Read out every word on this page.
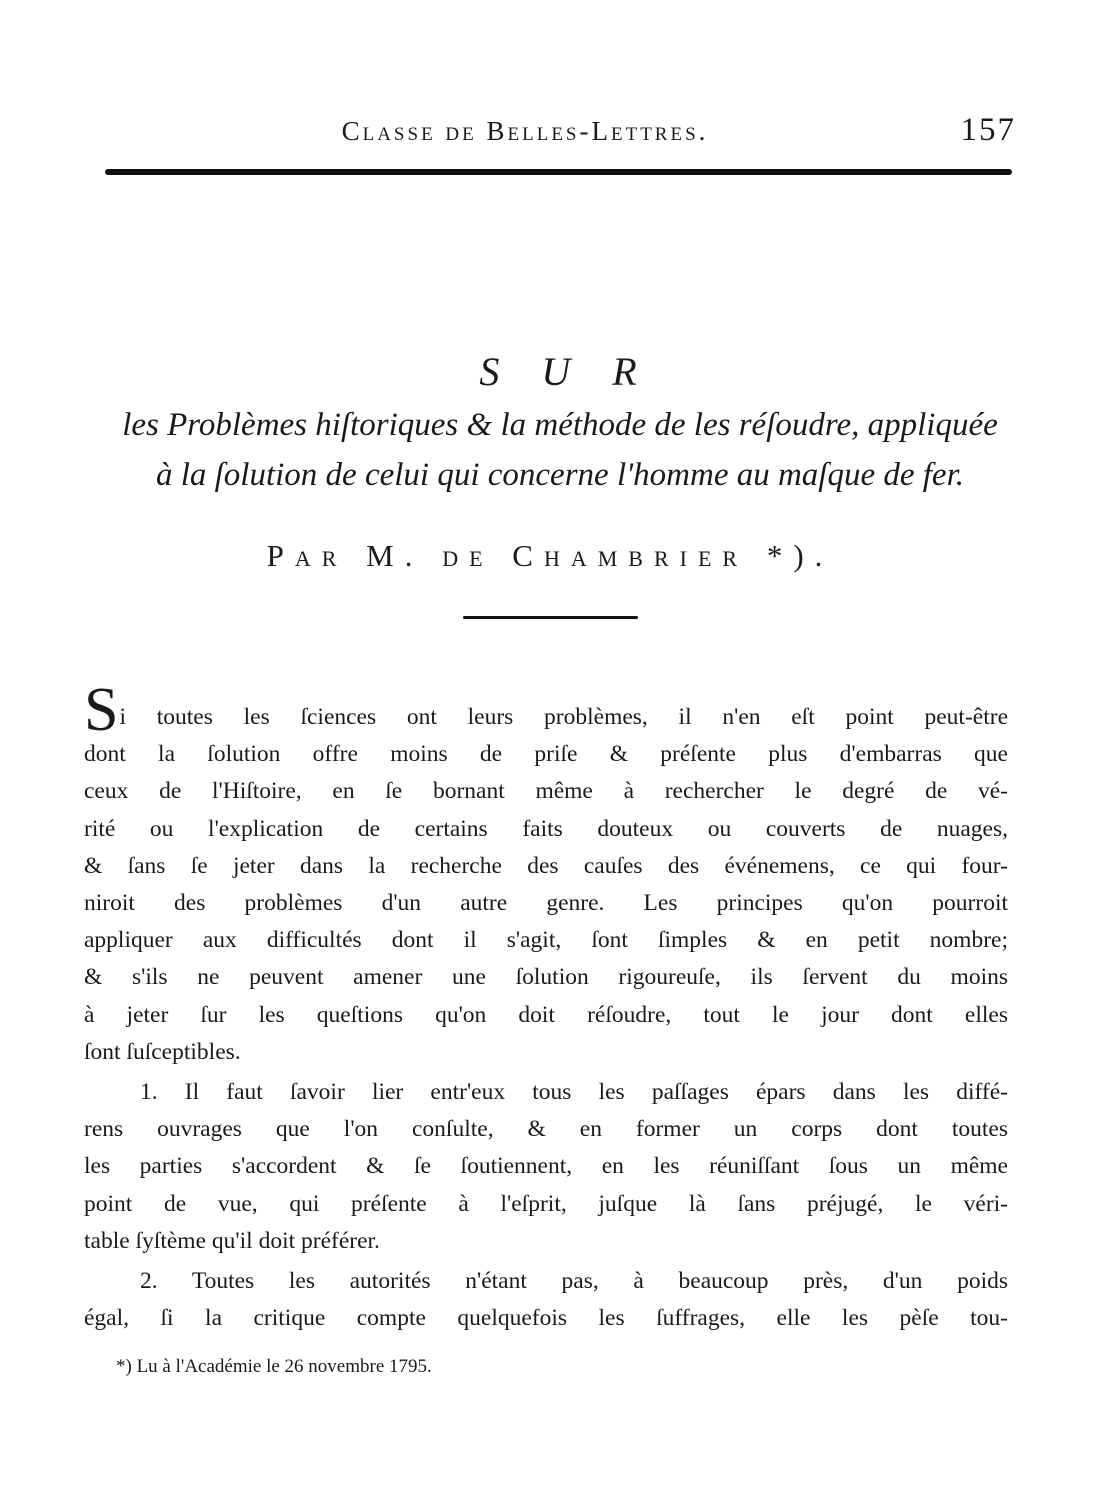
Classe de Belles-Lettres.	157
S U R
les Problèmes hiſtoriques & la méthode de les réſoudre, appliquée
à la ſolution de celui qui concerne l'homme au maſque de fer.
Par M. de Chambrier *).
Si toutes les ſciences ont leurs problèmes, il n'en eſt point peut-être
dont la ſolution offre moins de priſe & préſente plus d'embarras que
ceux de l'Hiſtoire, en ſe bornant même à rechercher le degré de vé-
rité ou l'explication de certains faits douteux ou couverts de nuages,
& ſans ſe jeter dans la recherche des cauſes des événemens, ce qui four-
niroit des problèmes d'un autre genre. Les principes qu'on pourroit
appliquer aux difficultés dont il s'agit, ſont ſimples & en petit nombre;
& s'ils ne peuvent amener une ſolution rigoureuſe, ils ſervent du moins
à jeter ſur les queſtions qu'on doit réſoudre, tout le jour dont elles
ſont ſuſceptibles.
1. Il faut ſavoir lier entr'eux tous les paſſages épars dans les diffé-
rens ouvrages que l'on conſulte, & en former un corps dont toutes
les parties s'accordent & ſe ſoutiennent, en les réuniſſant ſous un même
point de vue, qui préſente à l'eſprit, juſque là ſans préjugé, le véri-
table ſyſtème qu'il doit préférer.
2. Toutes les autorités n'étant pas, à beaucoup près, d'un poids
égal, ſi la critique compte quelquefois les ſuffrages, elle les pèſe tou-
*) Lu à l'Académie le 26 novembre 1795.
